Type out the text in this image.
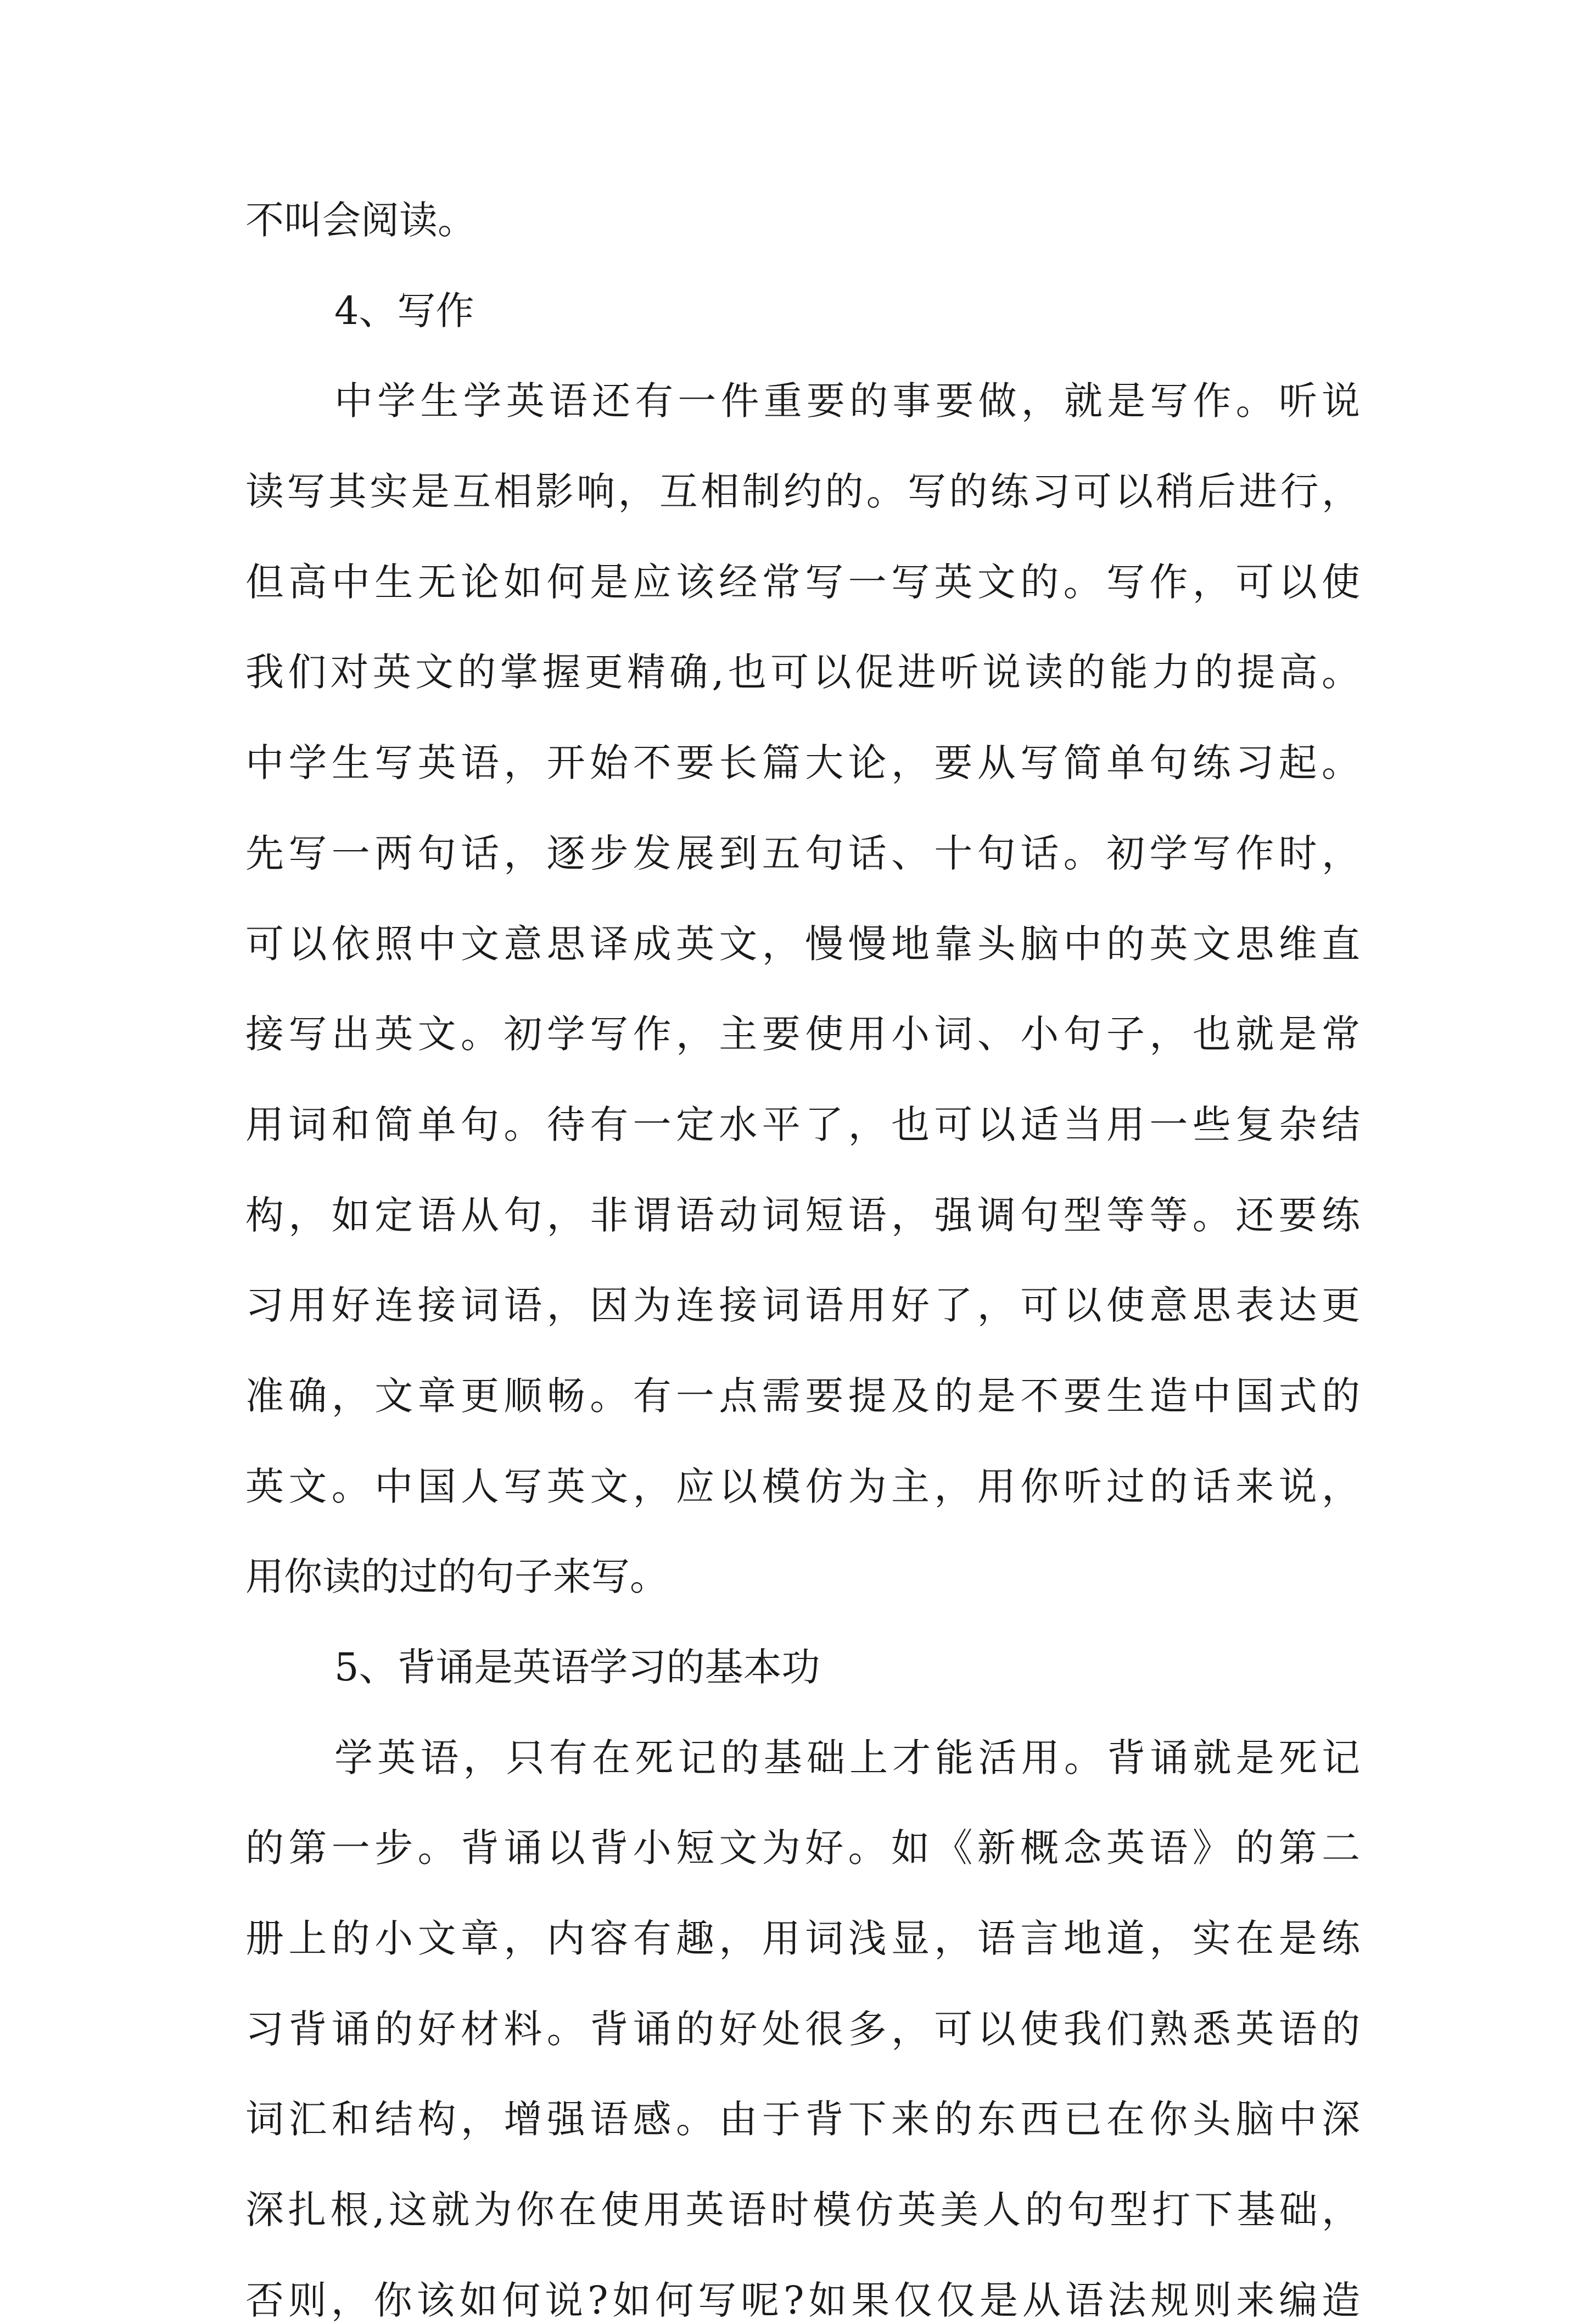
不叫会阅读。
4、写作
中学生学英语还有一件重要的事要做，就是写作。听说
读写其实是互相影响，互相制约的。写的练习可以稍后进行，
但高中生无论如何是应该经常写一写英文的。写作，可以使
我们对英文的掌握更精确,也可以促进听说读的能力的提高。
中学生写英语，开始不要长篇大论，要从写简单句练习起。
先写一两句话，逐步发展到五句话、十句话。初学写作时，
可以依照中文意思译成英文，慢慢地靠头脑中的英文思维直
接写出英文。初学写作，主要使用小词、小句子，也就是常
用词和简单句。待有一定水平了，也可以适当用一些复杂结
构，如定语从句，非谓语动词短语，强调句型等等。还要练
习用好连接词语，因为连接词语用好了，可以使意思表达更
准确，文章更顺畅。有一点需要提及的是不要生造中国式的
英文。中国人写英文，应以模仿为主，用你听过的话来说，
用你读的过的句子来写。
5、背诵是英语学习的基本功
学英语，只有在死记的基础上才能活用。背诵就是死记
的第一步。背诵以背小短文为好。如《新概念英语》的第二
册上的小文章，内容有趣，用词浅显，语言地道，实在是练
习背诵的好材料。背诵的好处很多，可以使我们熟悉英语的
词汇和结构，增强语感。由于背下来的东西已在你头脑中深
深扎根,这就为你在使用英语时模仿英美人的句型打下基础，
否则，你该如何说?如何写呢?如果仅仅是从语法规则来编造
